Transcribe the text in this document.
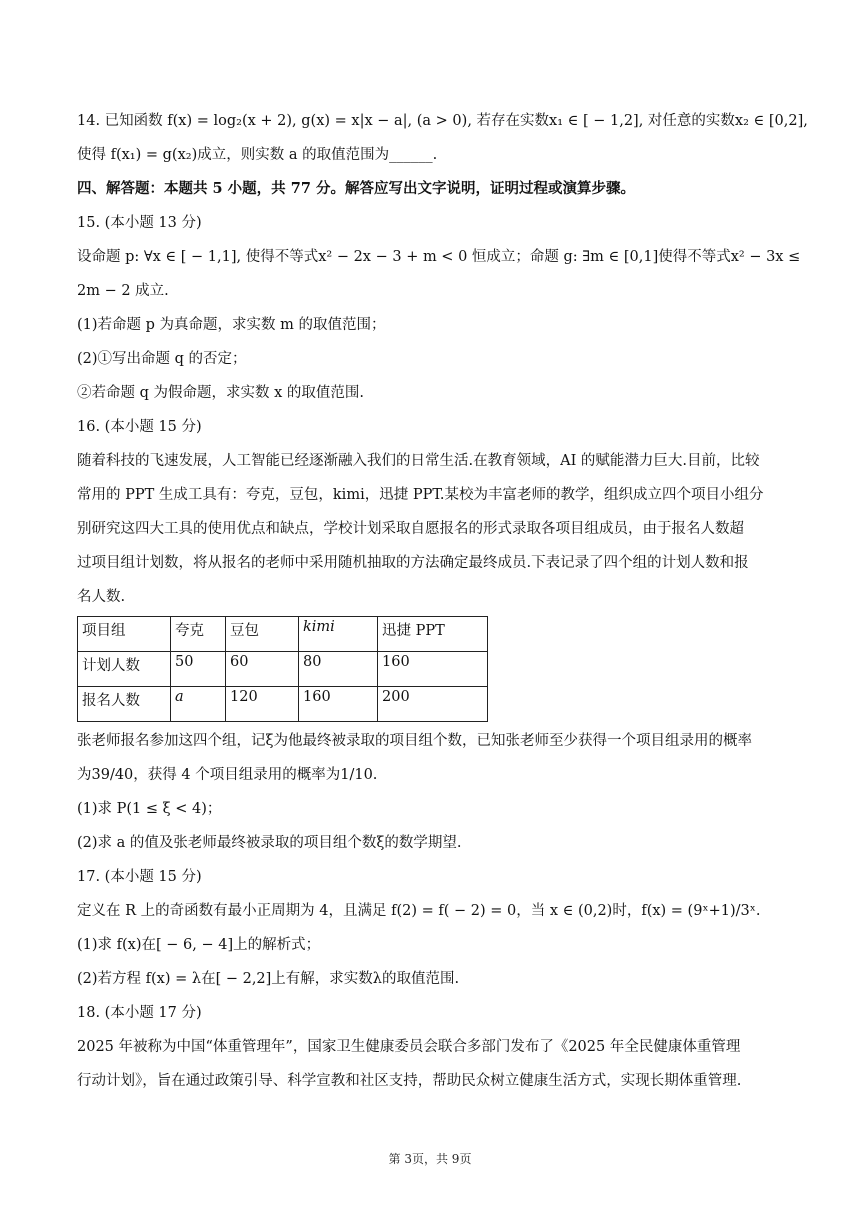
14. 已知函数 f(x) = log₂(x + 2), g(x) = x|x − a|, (a > 0), 若存在实数x₁ ∈ [ − 1,2], 对任意的实数x₂ ∈ [0,2],
使得 f(x₁) = g(x₂)成立，则实数 a 的取值范围为______.
四、解答题：本题共 5 小题，共 77 分。解答应写出文字说明，证明过程或演算步骤。
15. (本小题 13 分)
设命题 p: ∀x ∈ [ − 1,1], 使得不等式x² − 2x − 3 + m < 0 恒成立；命题 g: ∃m ∈ [0,1]使得不等式x² − 3x ≤
2m − 2 成立.
(1)若命题 p 为真命题，求实数 m 的取值范围；
(2)①写出命题 q 的否定；
②若命题 q 为假命题，求实数 x 的取值范围.
16. (本小题 15 分)
随着科技的飞速发展，人工智能已经逐渐融入我们的日常生活.在教育领域，AI 的赋能潜力巨大.目前，比较
常用的 PPT 生成工具有：夸克，豆包，kimi，迅捷 PPT.某校为丰富老师的教学，组织成立四个项目小组分
别研究这四大工具的使用优点和缺点，学校计划采取自愿报名的形式录取各项目组成员，由于报名人数超
过项目组计划数，将从报名的老师中采用随机抽取的方法确定最终成员.下表记录了四个组的计划人数和报
名人数.
项目组	夸克	豆包	kimi	迅捷 PPT
计划人数	50	60	80	160
报名人数	a	120	160	200
张老师报名参加这四个组，记ξ为他最终被录取的项目组个数，已知张老师至少获得一个项目组录用的概率
为39/40，获得 4 个项目组录用的概率为1/10.
(1)求 P(1 ≤ ξ < 4)；
(2)求 a 的值及张老师最终被录取的项目组个数ξ的数学期望.
17. (本小题 15 分)
定义在 R 上的奇函数有最小正周期为 4，且满足 f(2) = f( − 2) = 0，当 x ∈ (0,2)时，f(x) = (9ˣ+1)/3ˣ.
(1)求 f(x)在[ − 6, − 4]上的解析式；
(2)若方程 f(x) = λ在[ − 2,2]上有解，求实数λ的取值范围.
18. (本小题 17 分)
2025 年被称为中国“体重管理年”，国家卫生健康委员会联合多部门发布了《2025 年全民健康体重管理
行动计划》，旨在通过政策引导、科学宣教和社区支持，帮助民众树立健康生活方式，实现长期体重管理.
第 3页，共 9页
